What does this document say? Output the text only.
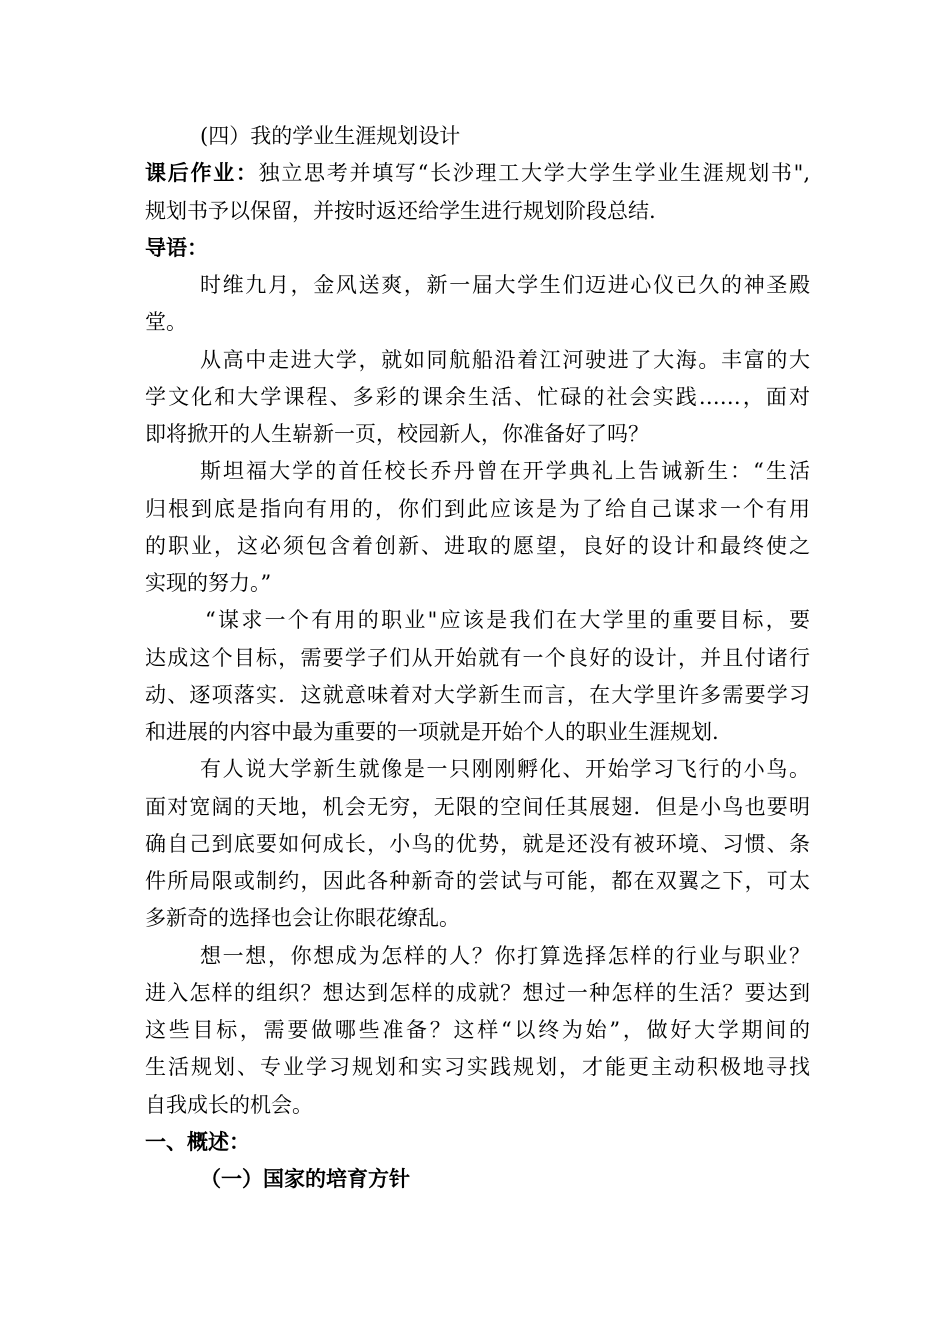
(四）我的学业生涯规划设计
课后作业：独立思考并填写“长沙理工大学大学生学业生涯规划书",
规划书予以保留，并按时返还给学生进行规划阶段总结.
导语：
时维九月，金风送爽，新一届大学生们迈进心仪已久的神圣殿
堂。
从高中走进大学，就如同航船沿着江河驶进了大海。丰富的大
学文化和大学课程、多彩的课余生活、忙碌的社会实践……，面对
即将掀开的人生崭新一页，校园新人，你准备好了吗？
斯坦福大学的首任校长乔丹曾在开学典礼上告诫新生：“生活
归根到底是指向有用的，你们到此应该是为了给自己谋求一个有用
的职业，这必须包含着创新、进取的愿望，良好的设计和最终使之
实现的努力。”
“谋求一个有用的职业"应该是我们在大学里的重要目标，要
达成这个目标，需要学子们从开始就有一个良好的设计，并且付诸行
动、逐项落实．这就意味着对大学新生而言，在大学里许多需要学习
和进展的内容中最为重要的一项就是开始个人的职业生涯规划.
有人说大学新生就像是一只刚刚孵化、开始学习飞行的小鸟。
面对宽阔的天地，机会无穷，无限的空间任其展翅．但是小鸟也要明
确自己到底要如何成长，小鸟的优势，就是还没有被环境、习惯、条
件所局限或制约，因此各种新奇的尝试与可能，都在双翼之下，可太
多新奇的选择也会让你眼花缭乱。
想一想，你想成为怎样的人？你打算选择怎样的行业与职业？
进入怎样的组织？想达到怎样的成就？想过一种怎样的生活？要达到
这些目标，需要做哪些准备？这样“以终为始”，做好大学期间的
生活规划、专业学习规划和实习实践规划，才能更主动积极地寻找
自我成长的机会。
一、概述：
（一）国家的培育方针
